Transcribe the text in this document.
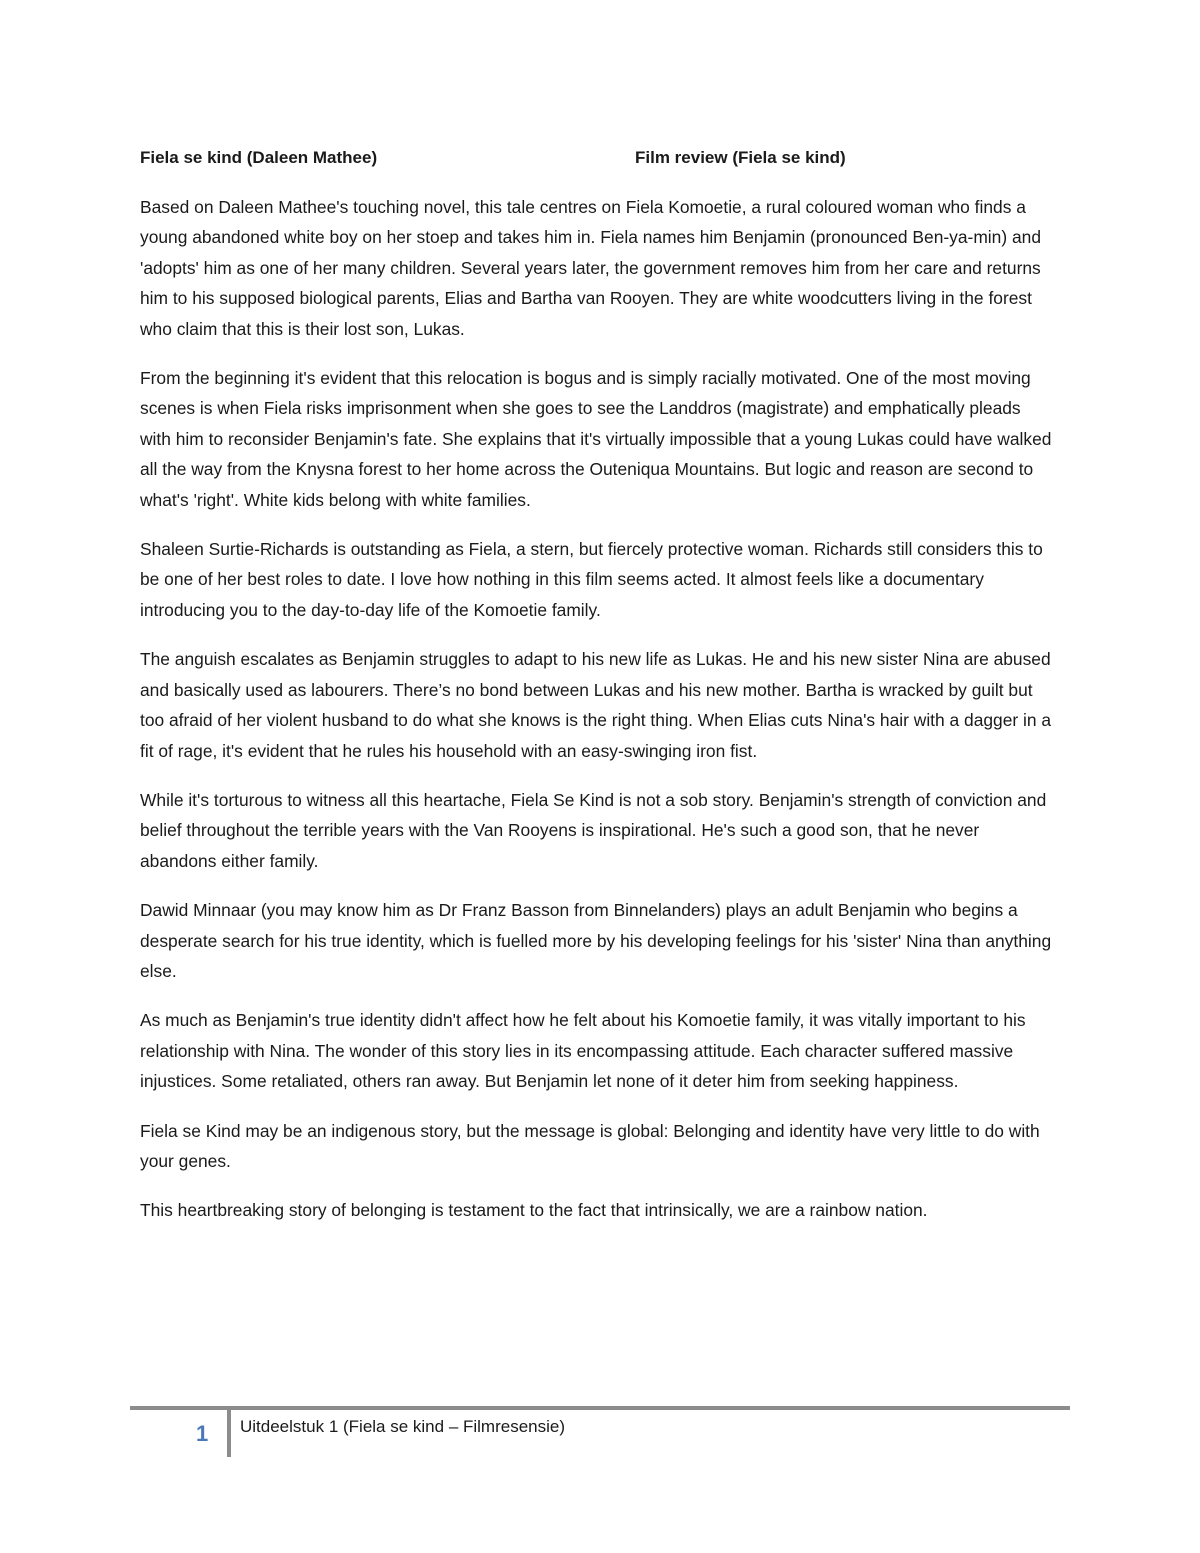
Fiela se kind (Daleen Mathee)	Film review (Fiela se kind)

Based on Daleen Mathee's touching novel, this tale centres on Fiela Komoetie, a rural coloured woman who finds a young abandoned white boy on her stoep and takes him in. Fiela names him Benjamin (pronounced Ben-ya-min) and 'adopts' him as one of her many children. Several years later, the government removes him from her care and returns him to his supposed biological parents, Elias and Bartha van Rooyen. They are white woodcutters living in the forest who claim that this is their lost son, Lukas.

From the beginning it's evident that this relocation is bogus and is simply racially motivated. One of the most moving scenes is when Fiela risks imprisonment when she goes to see the Landdros (magistrate) and emphatically pleads with him to reconsider Benjamin's fate. She explains that it's virtually impossible that a young Lukas could have walked all the way from the Knysna forest to her home across the Outeniqua Mountains. But logic and reason are second to what's 'right'. White kids belong with white families.

Shaleen Surtie-Richards is outstanding as Fiela, a stern, but fiercely protective woman. Richards still considers this to be one of her best roles to date. I love how nothing in this film seems acted. It almost feels like a documentary introducing you to the day-to-day life of the Komoetie family.

The anguish escalates as Benjamin struggles to adapt to his new life as Lukas. He and his new sister Nina are abused and basically used as labourers. There’s no bond between Lukas and his new mother. Bartha is wracked by guilt but too afraid of her violent husband to do what she knows is the right thing. When Elias cuts Nina's hair with a dagger in a fit of rage, it's evident that he rules his household with an easy-swinging iron fist.

While it's torturous to witness all this heartache, Fiela Se Kind is not a sob story. Benjamin's strength of conviction and belief throughout the terrible years with the Van Rooyens is inspirational. He's such a good son, that he never abandons either family.

Dawid Minnaar (you may know him as Dr Franz Basson from Binnelanders) plays an adult Benjamin who begins a desperate search for his true identity, which is fuelled more by his developing feelings for his 'sister' Nina than anything else.

As much as Benjamin's true identity didn't affect how he felt about his Komoetie family, it was vitally important to his relationship with Nina. The wonder of this story lies in its encompassing attitude. Each character suffered massive injustices. Some retaliated, others ran away. But Benjamin let none of it deter him from seeking happiness.

Fiela se Kind may be an indigenous story, but the message is global: Belonging and identity have very little to do with your genes.

This heartbreaking story of belonging is testament to the fact that intrinsically, we are a rainbow nation.

1	Uitdeelstuk 1 (Fiela se kind – Filmresensie)
